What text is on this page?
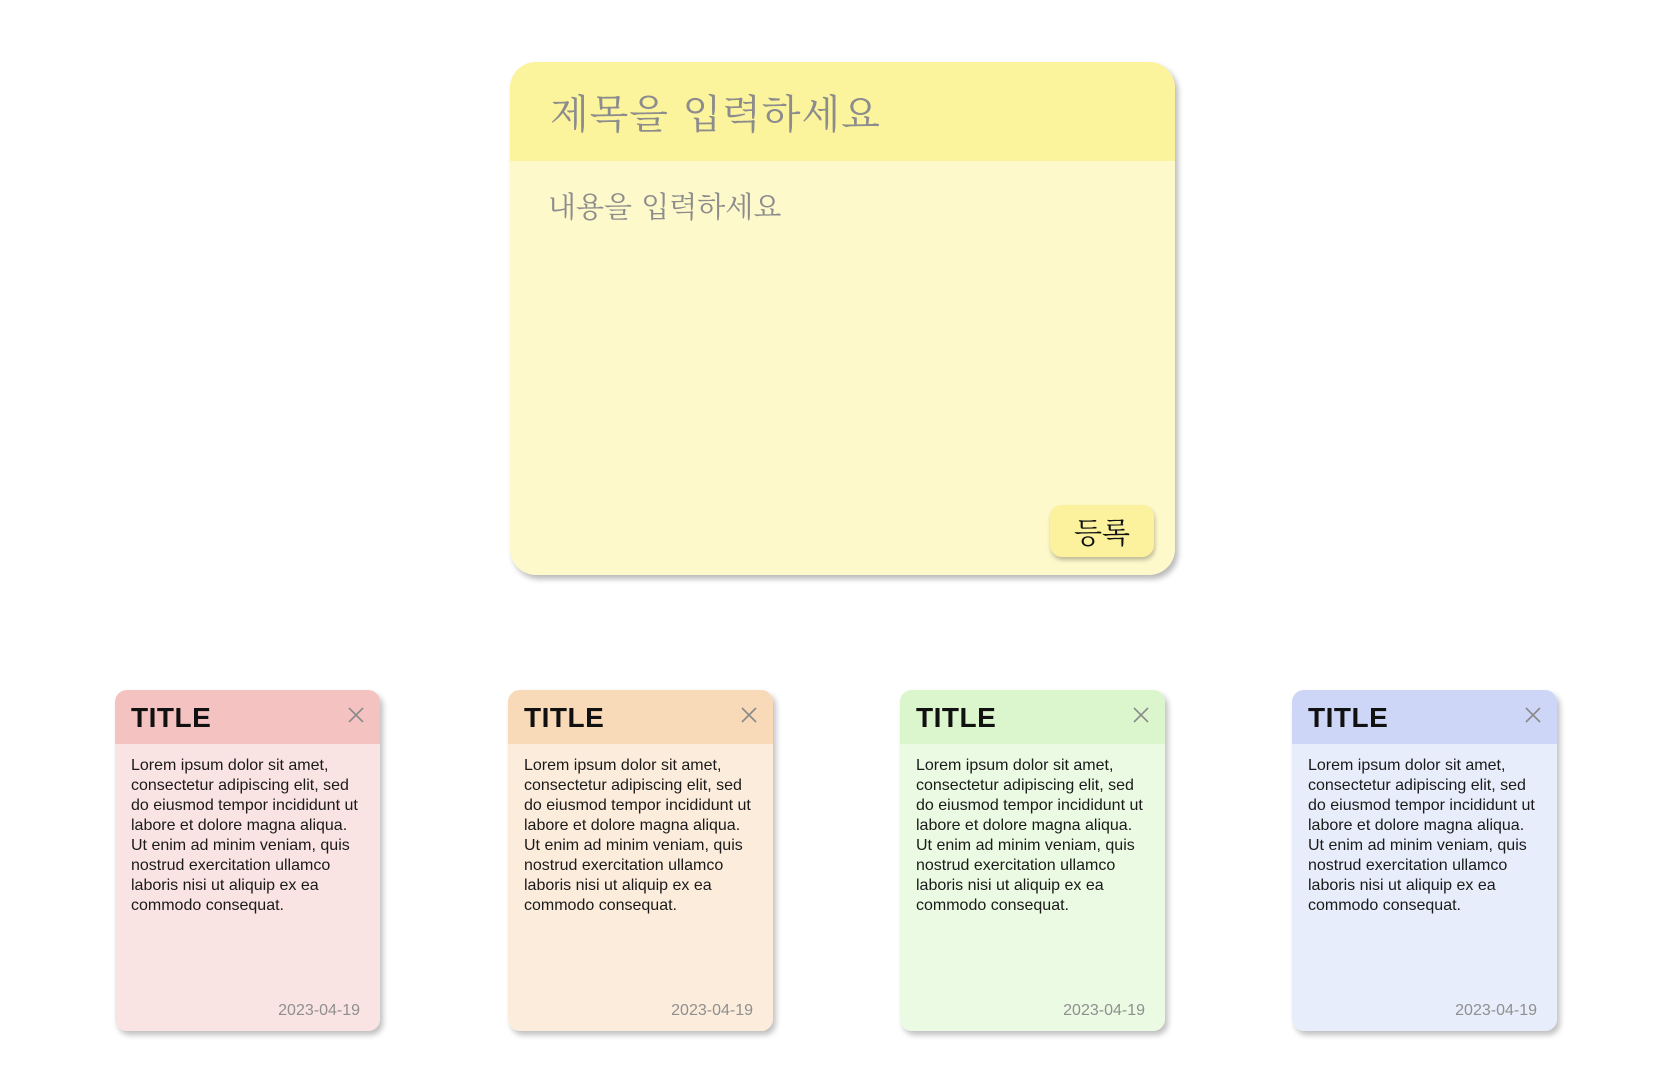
제목을 입력하세요
내용을 입력하세요
등록
TITLE
Lorem ipsum dolor sit amet, consectetur adipiscing elit, sed do eiusmod tempor incididunt ut labore et dolore magna aliqua. Ut enim ad minim veniam, quis nostrud exercitation ullamco laboris nisi ut aliquip ex ea commodo consequat.
2023-04-19
TITLE
Lorem ipsum dolor sit amet, consectetur adipiscing elit, sed do eiusmod tempor incididunt ut labore et dolore magna aliqua. Ut enim ad minim veniam, quis nostrud exercitation ullamco laboris nisi ut aliquip ex ea commodo consequat.
2023-04-19
TITLE
Lorem ipsum dolor sit amet, consectetur adipiscing elit, sed do eiusmod tempor incididunt ut labore et dolore magna aliqua. Ut enim ad minim veniam, quis nostrud exercitation ullamco laboris nisi ut aliquip ex ea commodo consequat.
2023-04-19
TITLE
Lorem ipsum dolor sit amet, consectetur adipiscing elit, sed do eiusmod tempor incididunt ut labore et dolore magna aliqua. Ut enim ad minim veniam, quis nostrud exercitation ullamco laboris nisi ut aliquip ex ea commodo consequat.
2023-04-19
